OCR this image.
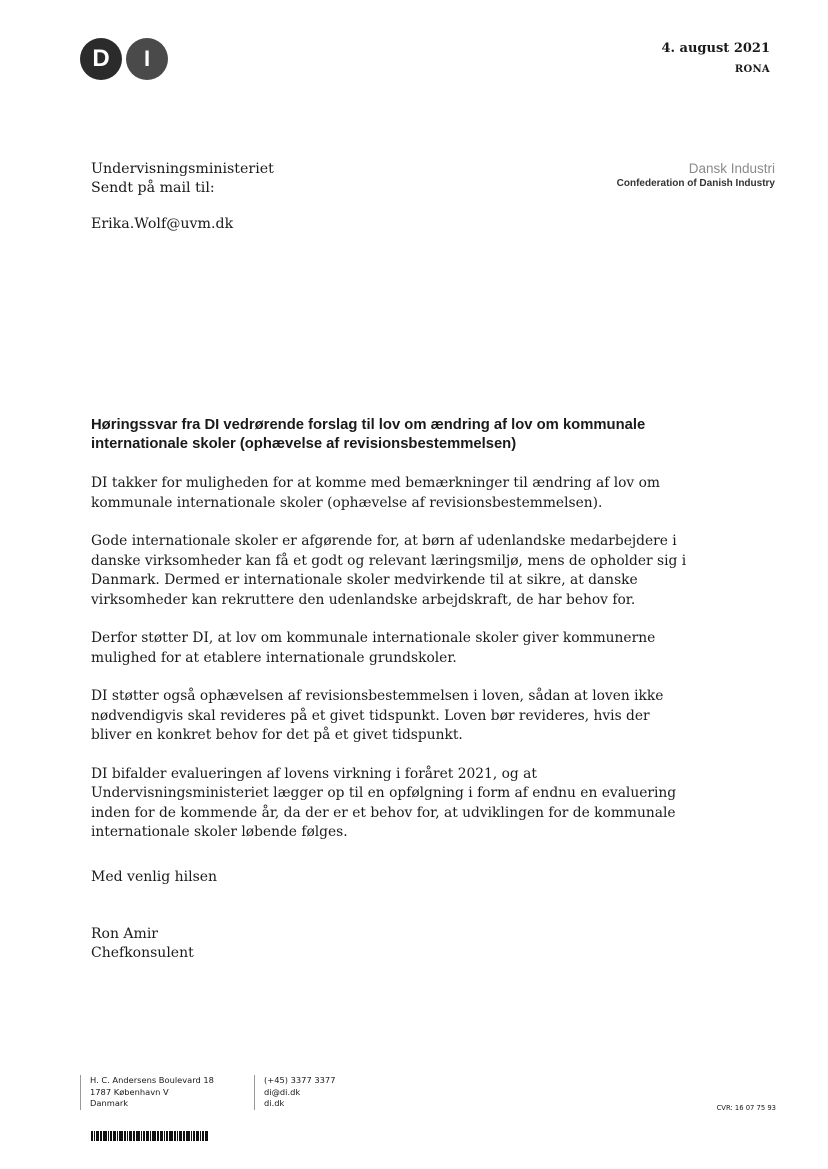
D	I	4. august 2021
RONA
Undervisningsministeriet
Sendt på mail til:
Erika.Wolf@uvm.dk
Dansk Industri
Confederation of Danish Industry
Høringssvar fra DI vedrørende forslag til lov om ændring af lov om kommunale internationale skoler (ophævelse af revisionsbestemmelsen)

DI takker for muligheden for at komme med bemærkninger til ændring af lov om kommunale internationale skoler (ophævelse af revisionsbestemmelsen).

Gode internationale skoler er afgørende for, at børn af udenlandske medarbejdere i danske virksomheder kan få et godt og relevant læringsmiljø, mens de opholder sig i Danmark. Dermed er internationale skoler medvirkende til at sikre, at danske virksomheder kan rekruttere den udenlandske arbejdskraft, de har behov for.

Derfor støtter DI, at lov om kommunale internationale skoler giver kommunerne mulighed for at etablere internationale grundskoler.

DI støtter også ophævelsen af revisionsbestemmelsen i loven, sådan at loven ikke nødvendigvis skal revideres på et givet tidspunkt. Loven bør revideres, hvis der bliver en konkret behov for det på et givet tidspunkt.

DI bifalder evalueringen af lovens virkning i foråret 2021, og at Undervisningsministeriet lægger op til en opfølgning i form af endnu en evaluering inden for de kommende år, da der er et behov for, at udviklingen for de kommunale internationale skoler løbende følges.

Med venlig hilsen
Ron Amir
Chefkonsulent
H. C. Andersens Boulevard 18
1787 København V
Danmark
(+45) 3377 3377
di@di.dk
di.dk	CVR: 16 07 75 93
